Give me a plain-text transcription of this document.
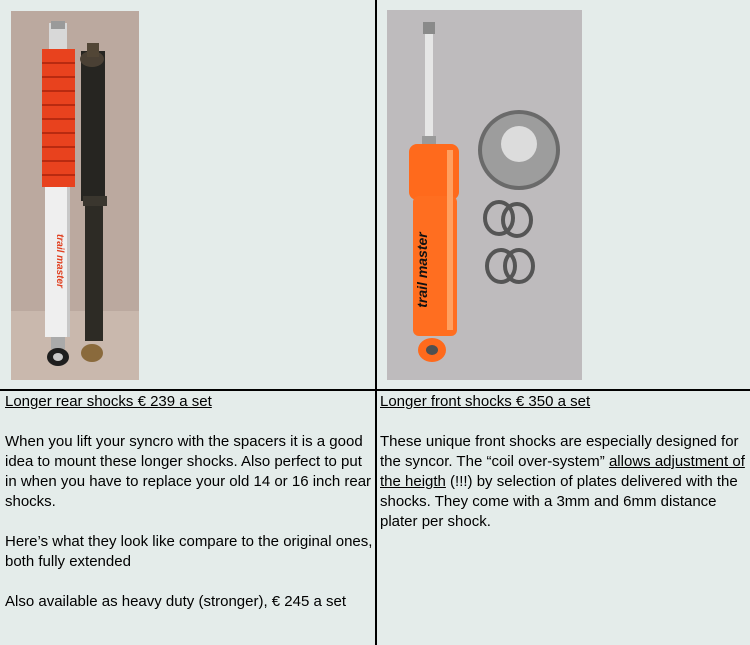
trail master	trail master
Longer rear shocks € 239 a set

When you lift your syncro with the spacers it is a good idea to mount these longer shocks. Also perfect to put in when you have to replace your old 14 or 16 inch rear shocks.

Here’s what they look like compare to the original ones, both fully extended

Also available as heavy duty (stronger), € 245 a set

Longer front shocks € 350 a set

These unique front shocks are especially designed for the syncor. The “coil over-system” allows adjustment of the heigth (!!!) by selection of plates delivered with the shocks. They come with a 3mm and 6mm distance plater per shock.
